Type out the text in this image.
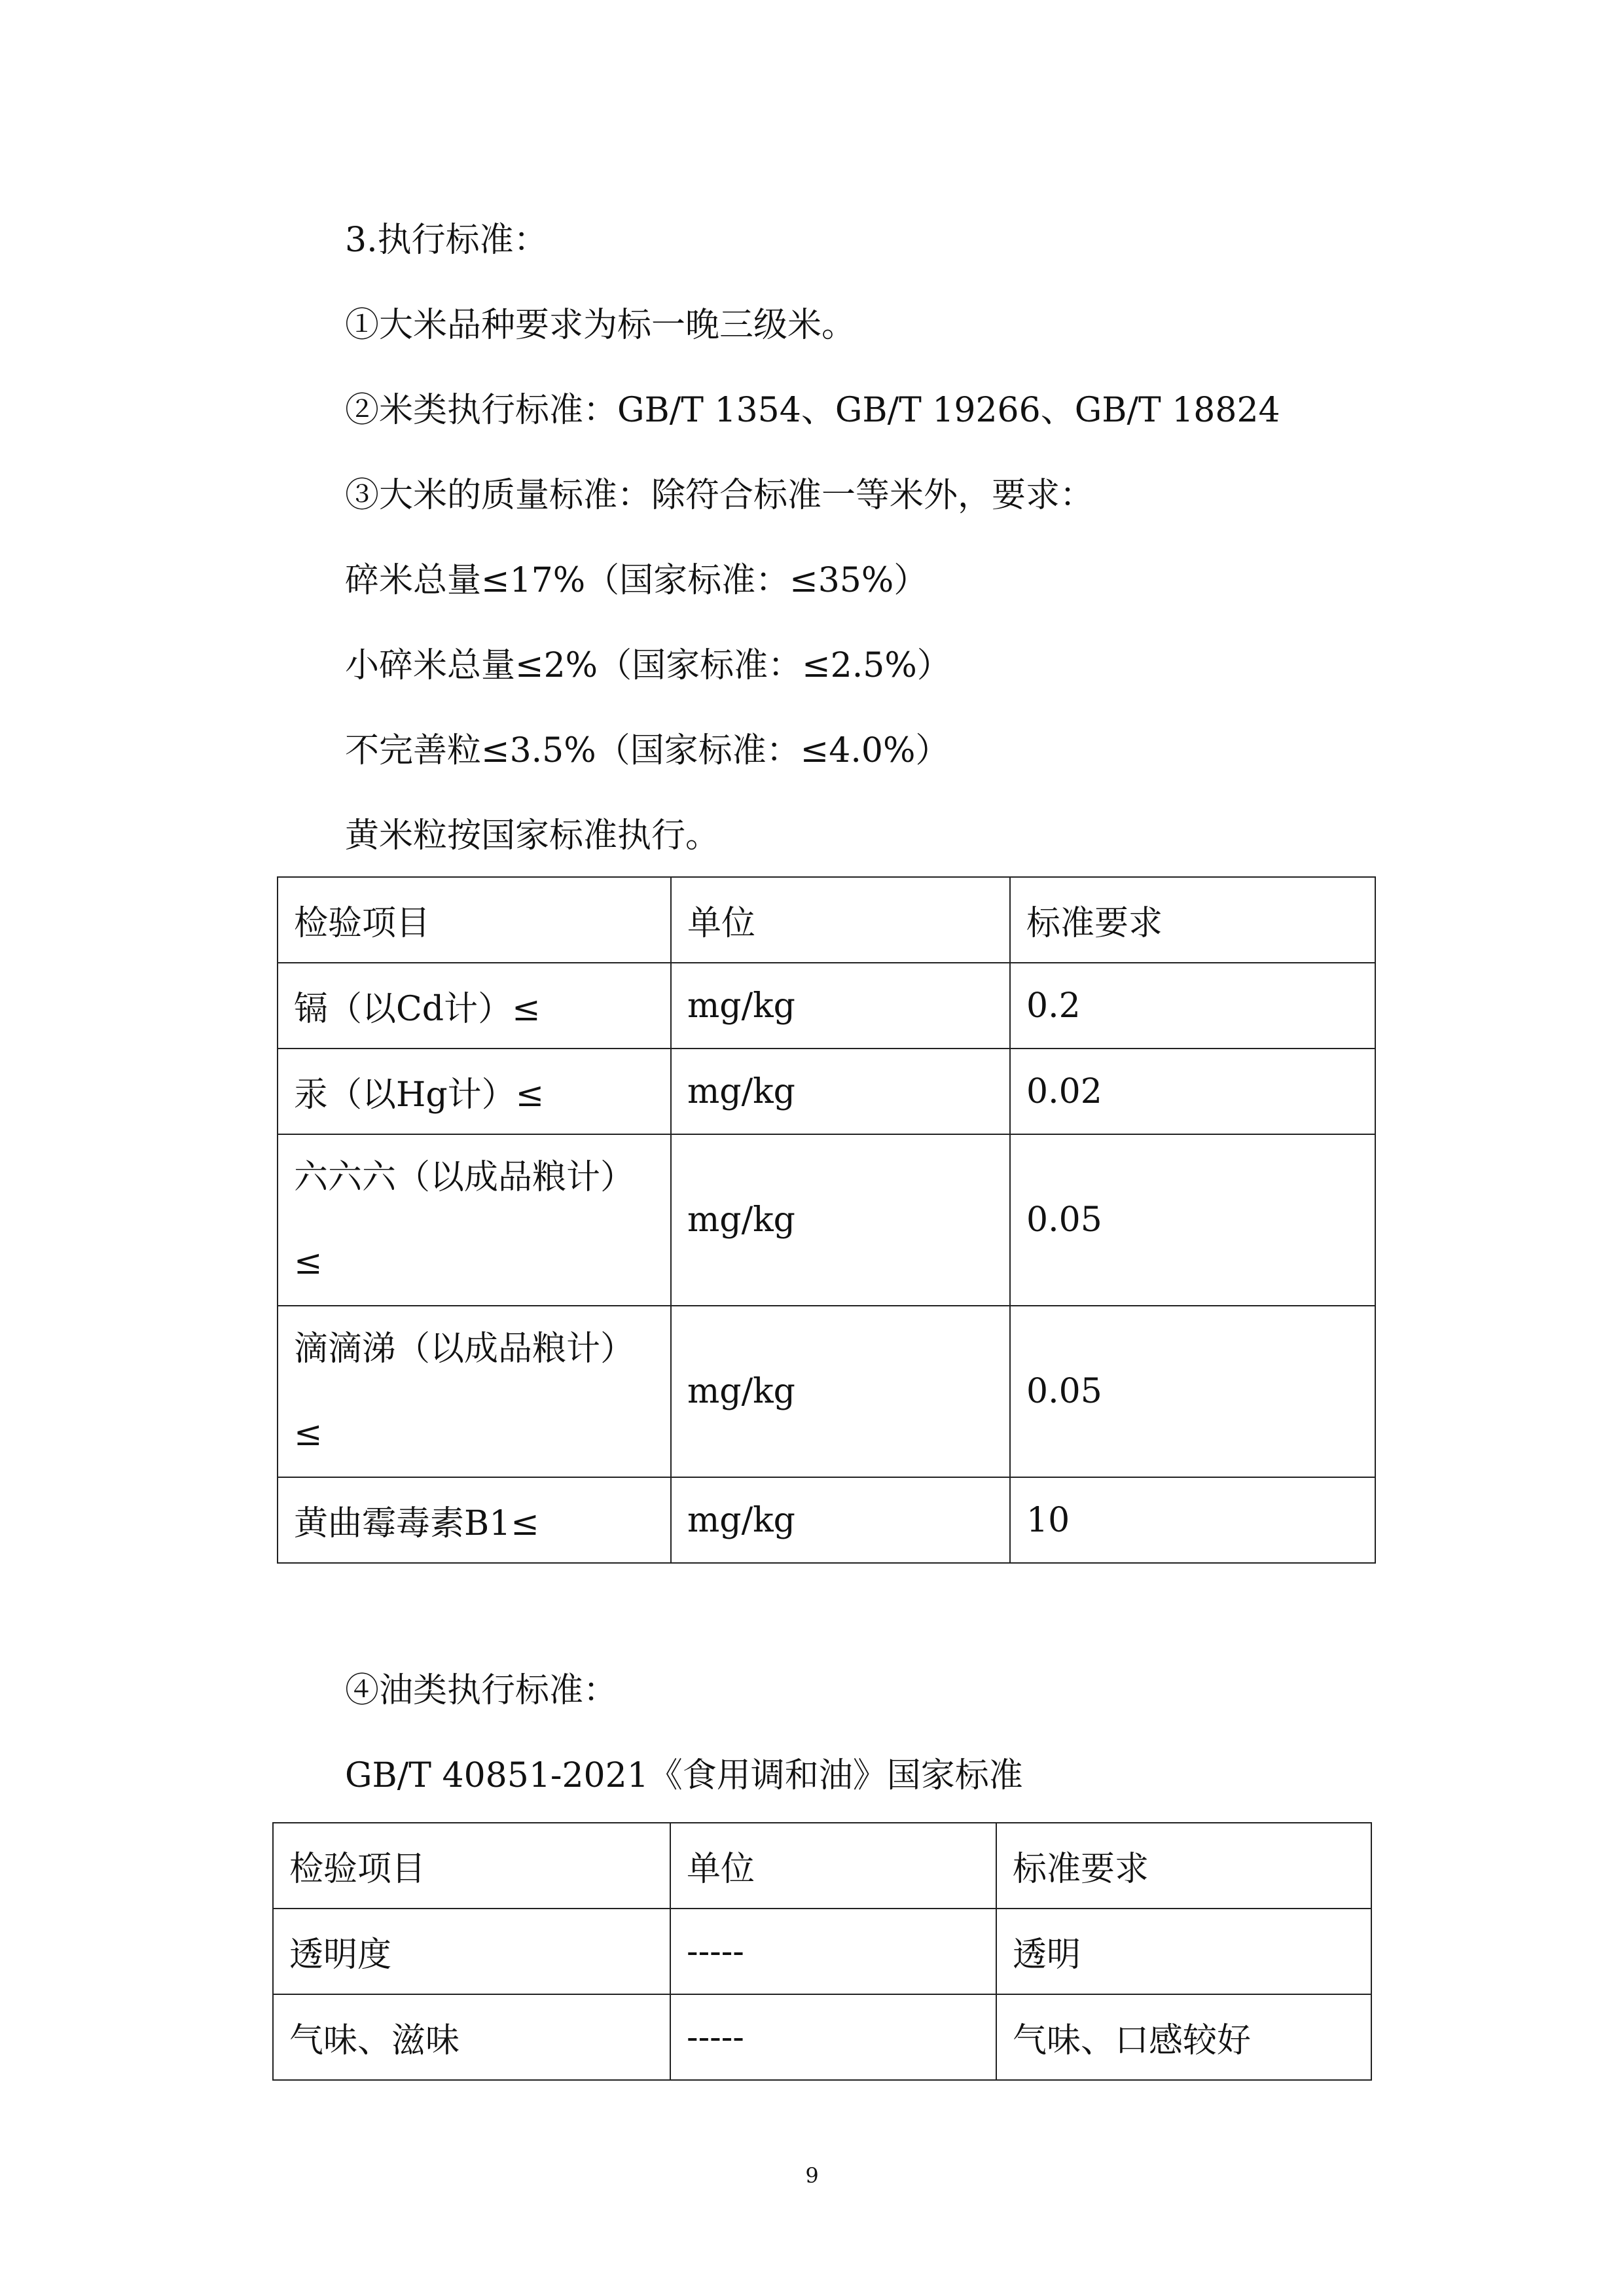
3.执行标准：
①大米品种要求为标一晚三级米。
②米类执行标准：GB/T 1354、GB/T 19266、GB/T 18824
③大米的质量标准：除符合标准一等米外，要求：
碎米总量≤17%（国家标准：≤35%）
小碎米总量≤2%（国家标准：≤2.5%）
不完善粒≤3.5%（国家标准：≤4.0%）
黄米粒按国家标准执行。
检验项目	单位	标准要求
镉（以Cd计）≤	mg/kg	0.2
汞（以Hg计）≤	mg/kg	0.02
六六六（以成品粮计）≤	mg/kg	0.05
滴滴涕（以成品粮计）≤	mg/kg	0.05
黄曲霉毒素B1≤	mg/kg	10
④油类执行标准：
GB/T 40851-2021《食用调和油》国家标准
检验项目	单位	标准要求
透明度	-----	透明
气味、滋味	-----	气味、口感较好
9
